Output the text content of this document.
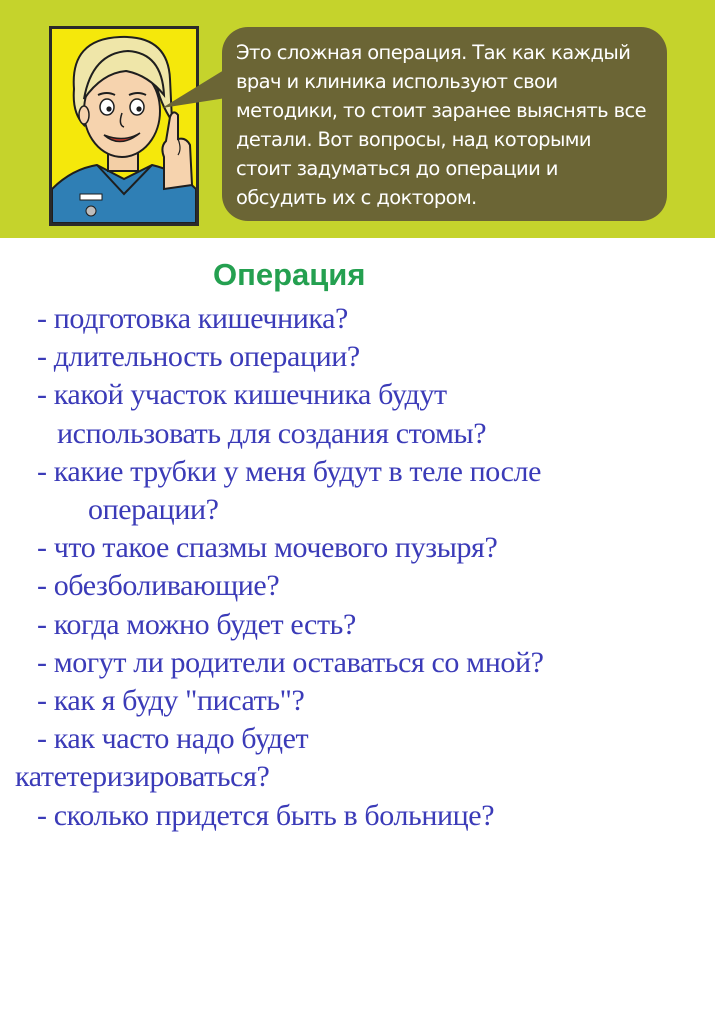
Это сложная операция. Так как каждый
врач и клиника используют свои
методики, то стоит заранее выяснять все
детали. Вот вопросы, над которыми
стоит задуматься до операции и
обсудить их с доктором.

Операция
- подготовка кишечника?
- длительность операции?
- какой участок кишечника будут
использовать для создания стомы?
- какие трубки у меня будут в теле после
операции?
- что такое спазмы мочевого пузыря?
- обезболивающие?
- когда можно будет есть?
- могут ли родители оставаться со мной?
- как я буду "писать"?
- как часто надо будет
катетеризироваться?
- сколько придется быть в больнице?
